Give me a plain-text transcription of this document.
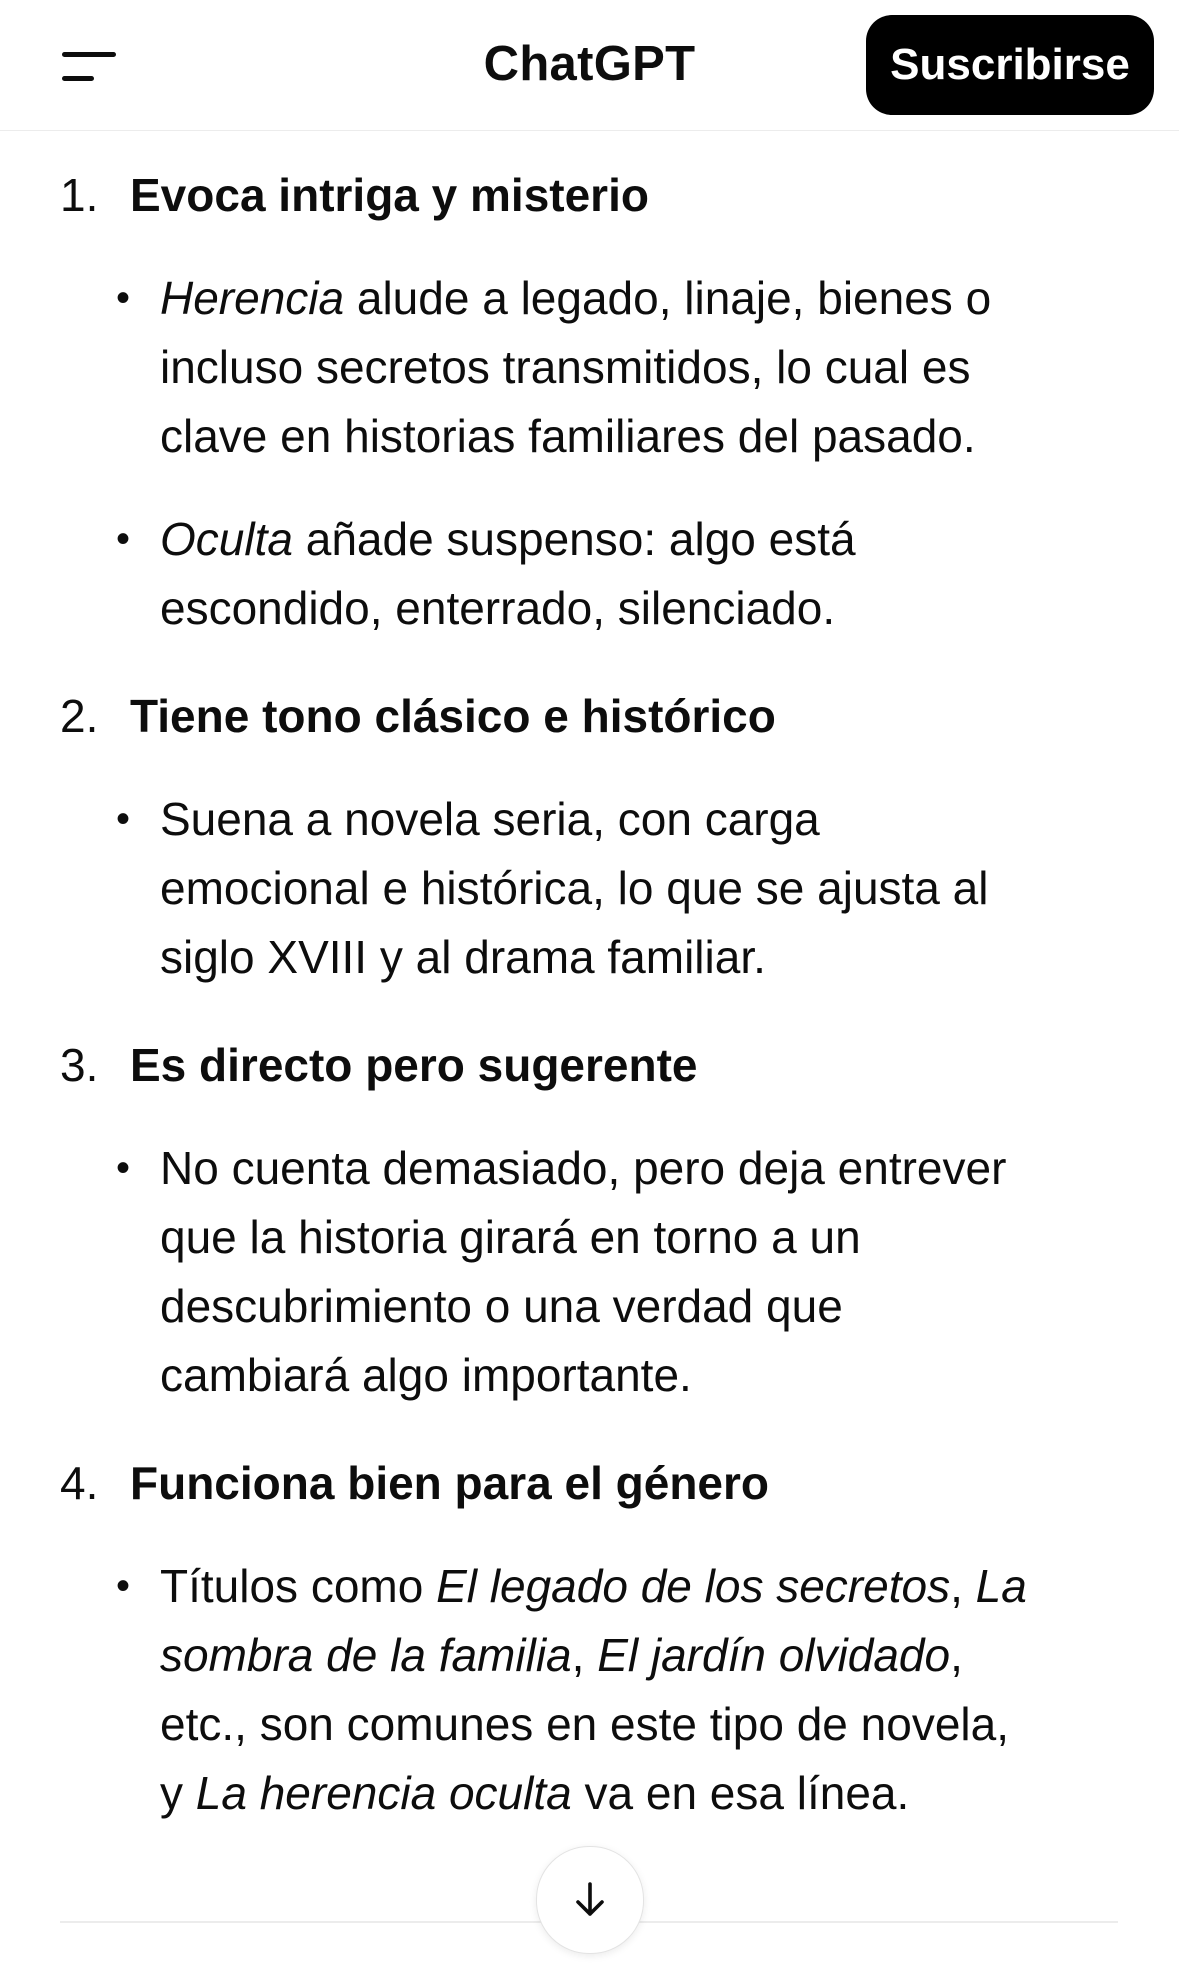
ChatGPT	Suscribirse
1. Evoca intriga y misterio
• Herencia alude a legado, linaje, bienes o

incluso secretos transmitidos, lo cual es

clave en historias familiares del pasado.

• Oculta añade suspenso: algo está

escondido, enterrado, silenciado.

2. Tiene tono clásico e histórico
• Suena a novela seria, con carga

emocional e histórica, lo que se ajusta al

siglo XVIII y al drama familiar.

3. Es directo pero sugerente
• No cuenta demasiado, pero deja entrever

que la historia girará en torno a un

descubrimiento o una verdad que

cambiará algo importante.

4. Funciona bien para el género
• Títulos como El legado de los secretos, La

sombra de la familia, El jardín olvidado,

etc., son comunes en este tipo de novela,

y La herencia oculta va en esa línea.
